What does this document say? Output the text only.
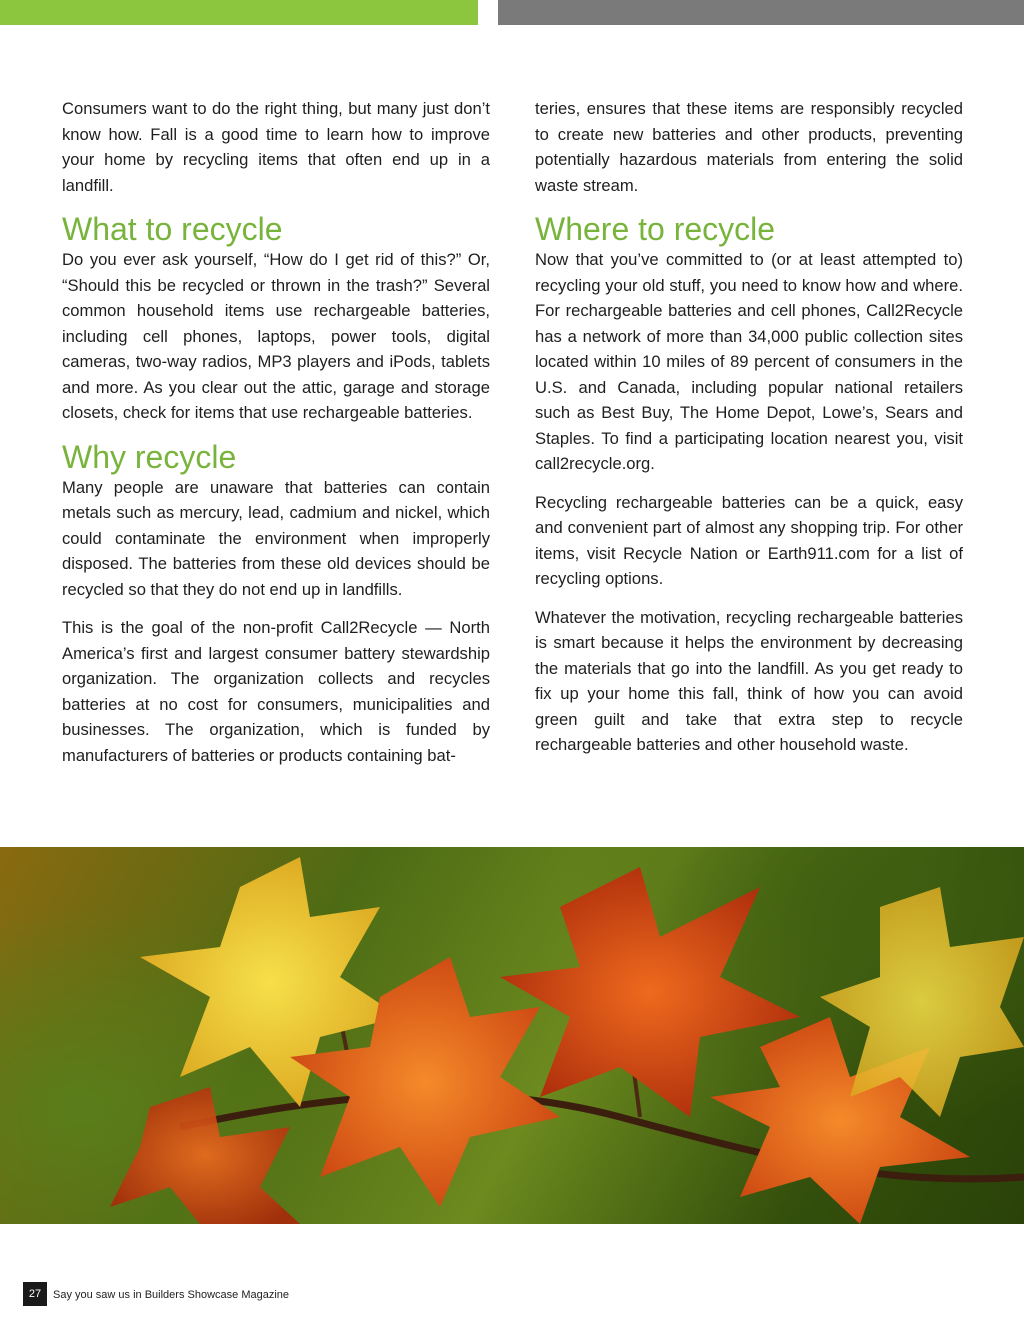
Consumers want to do the right thing, but many just don’t know how. Fall is a good time to learn how to improve your home by recycling items that often end up in a landfill.

What to recycle

Do you ever ask yourself, “How do I get rid of this?” Or, “Should this be recycled or thrown in the trash?” Several common household items use rechargeable batteries, including cell phones, laptops, power tools, digital cameras, two-way radios, MP3 players and iPods, tablets and more. As you clear out the attic, garage and storage closets, check for items that use rechargeable batteries.

Why recycle

Many people are unaware that batteries can contain metals such as mercury, lead, cadmium and nickel, which could contaminate the environment when improperly disposed. The batteries from these old devices should be recycled so that they do not end up in landfills.

This is the goal of the non-profit Call2Recycle — North America’s first and largest consumer battery stewardship organization. The organization collects and recycles batteries at no cost for consumers, municipalities and businesses. The organization, which is funded by manufacturers of batteries or products containing bat-

teries, ensures that these items are responsibly recycled to create new batteries and other products, preventing potentially hazardous materials from entering the solid waste stream.

Where to recycle

Now that you’ve committed to (or at least attempted to) recycling your old stuff, you need to know how and where. For rechargeable batteries and cell phones, Call2Recycle has a network of more than 34,000 public collection sites located within 10 miles of 89 percent of consumers in the U.S. and Canada, including popular national retailers such as Best Buy, The Home Depot, Lowe’s, Sears and Staples. To find a participating location nearest you, visit call2recycle.org.

Recycling rechargeable batteries can be a quick, easy and convenient part of almost any shopping trip. For other items, visit Recycle Nation or Earth911.com for a list of recycling options.

Whatever the motivation, recycling rechargeable batteries is smart because it helps the environment by decreasing the materials that go into the landfill. As you get ready to fix up your home this fall, think of how you can avoid green guilt and take that extra step to recycle rechargeable batteries and other household waste.

27	Say you saw us in Builders Showcase Magazine
